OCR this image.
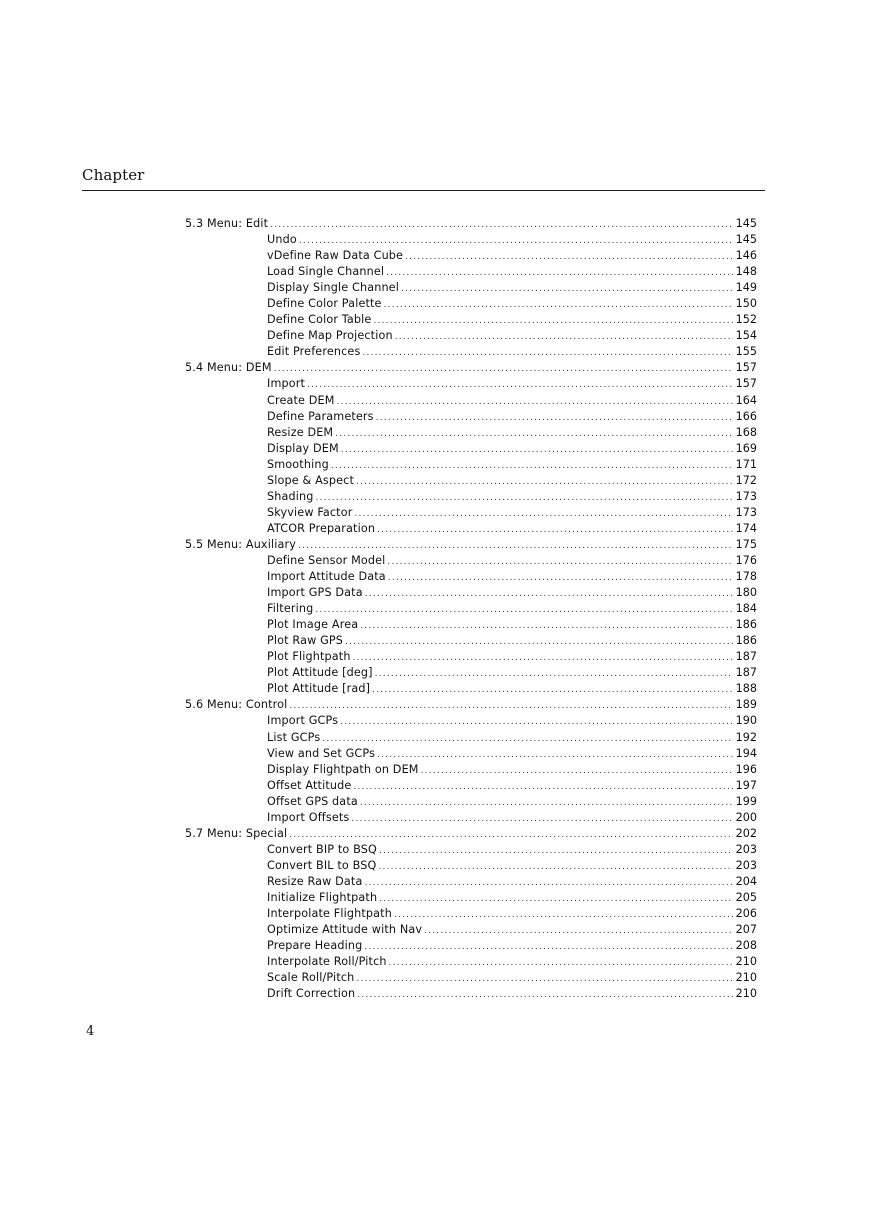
Chapter
5.3 Menu: Edit .....	145
Undo .....	145
vDefine Raw Data Cube .....	146
Load Single Channel .....	148
Display Single Channel .....	149
Define Color Palette .....	150
Define Color Table .....	152
Define Map Projection .....	154
Edit Preferences .....	155
5.4 Menu: DEM .....	157
Import .....	157
Create DEM .....	164
Define Parameters .....	166
Resize DEM .....	168
Display DEM .....	169
Smoothing .....	171
Slope & Aspect .....	172
Shading .....	173
Skyview Factor .....	173
ATCOR Preparation .....	174
5.5 Menu: Auxiliary .....	175
Define Sensor Model .....	176
Import Attitude Data .....	178
Import GPS Data .....	180
Filtering .....	184
Plot Image Area .....	186
Plot Raw GPS .....	186
Plot Flightpath .....	187
Plot Attitude [deg] .....	187
Plot Attitude [rad] .....	188
5.6 Menu: Control .....	189
Import GCPs .....	190
List GCPs .....	192
View and Set GCPs .....	194
Display Flightpath on DEM .....	196
Offset Attitude .....	197
Offset GPS data .....	199
Import Offsets .....	200
5.7 Menu: Special .....	202
Convert BIP to BSQ .....	203
Convert BIL to BSQ .....	203
Resize Raw Data .....	204
Initialize Flightpath .....	205
Interpolate Flightpath .....	206
Optimize Attitude with Nav .....	207
Prepare Heading .....	208
Interpolate Roll/Pitch .....	210
Scale Roll/Pitch .....	210
Drift Correction .....	210
4
